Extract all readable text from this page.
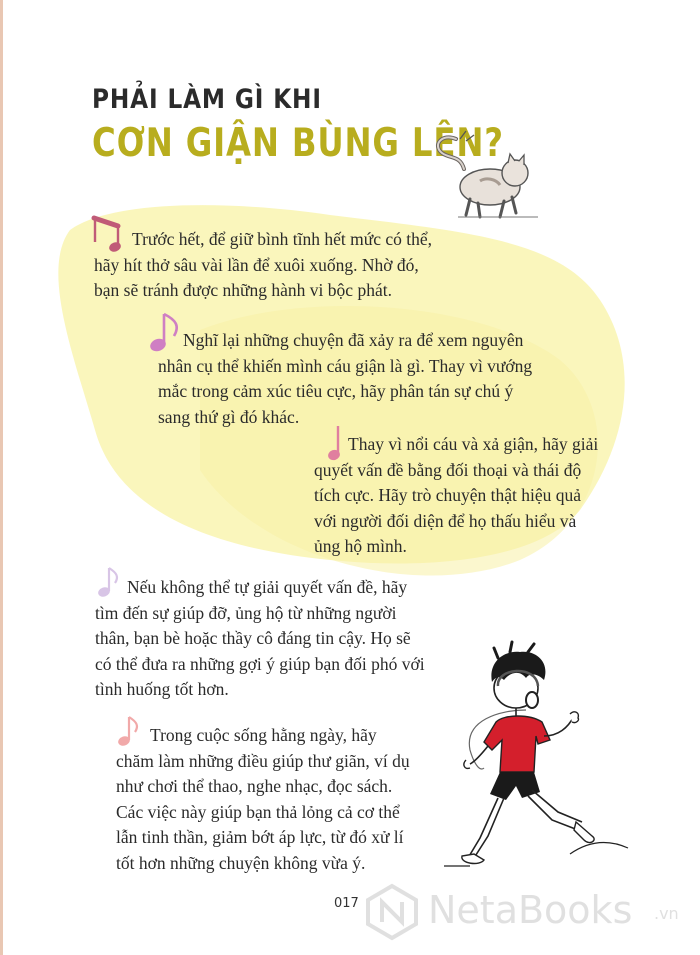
PHẢI LÀM GÌ KHI
CƠN GIẬN BÙNG LÊN?

Trước hết, để giữ bình tĩnh hết mức có thể,

hãy hít thở sâu vài lần để xuôi xuống. Nhờ đó,
bạn sẽ tránh được những hành vi bộc phát.

Nghĩ lại những chuyện đã xảy ra để xem nguyên

nhân cụ thể khiến mình cáu giận là gì. Thay vì vướng
mắc trong cảm xúc tiêu cực, hãy phân tán sự chú ý
sang thứ gì đó khác.

Thay vì nổi cáu và xả giận, hãy giải

quyết vấn đề bằng đối thoại và thái độ
tích cực. Hãy trò chuyện thật hiệu quả
với người đối diện để họ thấu hiểu và
ủng hộ mình.

Nếu không thể tự giải quyết vấn đề, hãy

tìm đến sự giúp đỡ, ủng hộ từ những người
thân, bạn bè hoặc thầy cô đáng tin cậy. Họ sẽ
có thể đưa ra những gợi ý giúp bạn đối phó với
tình huống tốt hơn.

Trong cuộc sống hằng ngày, hãy

chăm làm những điều giúp thư giãn, ví dụ
như chơi thể thao, nghe nhạc, đọc sách.
Các việc này giúp bạn thả lỏng cả cơ thể
lẫn tinh thần, giảm bớt áp lực, từ đó xử lí
tốt hơn những chuyện không vừa ý.

017 NetaBooks .vn
